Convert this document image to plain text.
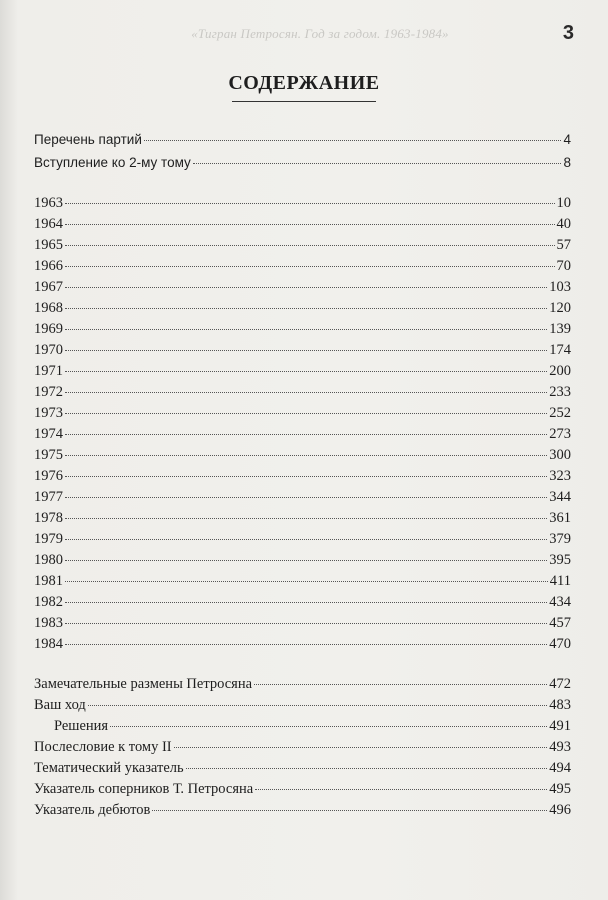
«Тигран Петросян. Год за годом. 1963-1984»	3
СОДЕРЖАНИЕ
Перечень партий	4
Вступление ко 2-му тому	8
1963	10
1964	40
1965	57
1966	70
1967	103
1968	120
1969	139
1970	174
1971	200
1972	233
1973	252
1974	273
1975	300
1976	323
1977	344
1978	361
1979	379
1980	395
1981	411
1982	434
1983	457
1984	470
Замечательные размены Петросяна	472
Ваш ход	483
Решения	491
Послесловие к тому II	493
Тематический указатель	494
Указатель соперников Т. Петросяна	495
Указатель дебютов	496
